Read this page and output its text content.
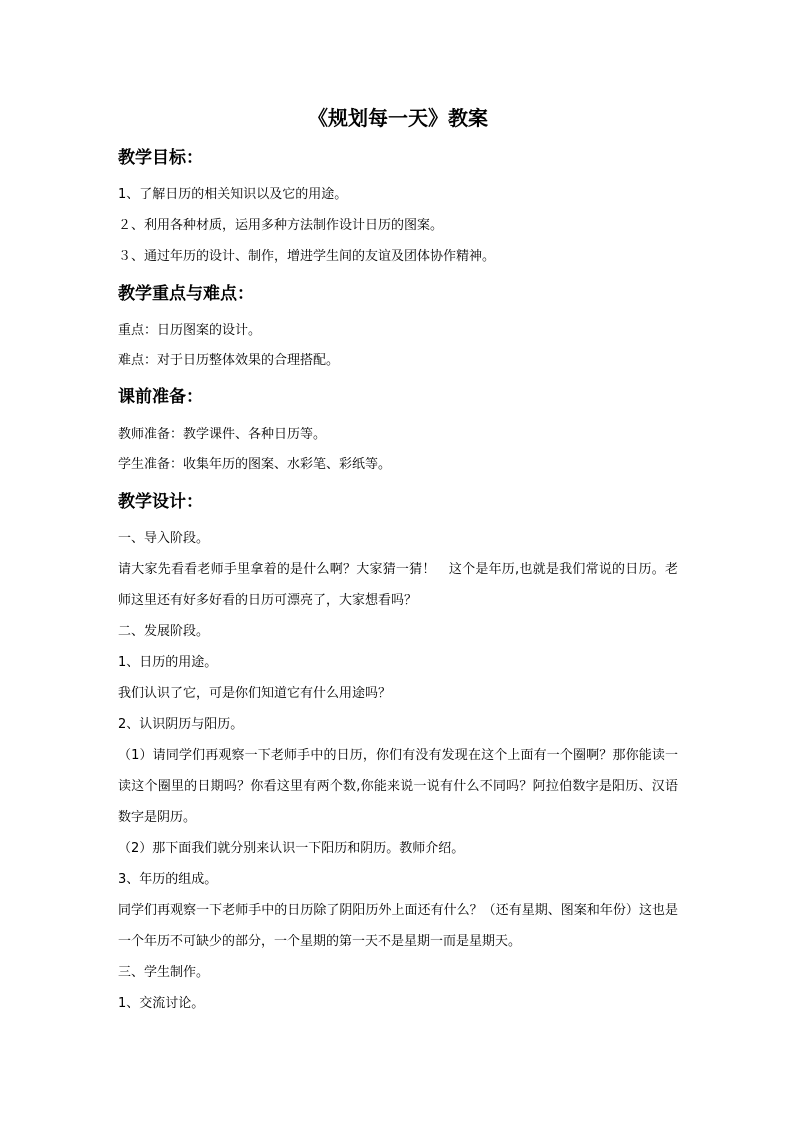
《规划每一天》教案
教学目标：
1、了解日历的相关知识以及它的用途。
２、利用各种材质，运用多种方法制作设计日历的图案。
３、通过年历的设计、制作，增进学生间的友谊及团体协作精神。
教学重点与难点：
重点：日历图案的设计。
难点：对于日历整体效果的合理搭配。
课前准备：
教师准备：教学课件、各种日历等。
学生准备：收集年历的图案、水彩笔、彩纸等。
教学设计：
一、导入阶段。
请大家先看看老师手里拿着的是什么啊？大家猜一猜！　这个是年历,也就是我们常说的日历。老师这里还有好多好看的日历可漂亮了，大家想看吗？
二、发展阶段。
1、日历的用途。
我们认识了它，可是你们知道它有什么用途吗？
2、认识阴历与阳历。
（1）请同学们再观察一下老师手中的日历，你们有没有发现在这个上面有一个圈啊？那你能读一读这个圈里的日期吗？你看这里有两个数,你能来说一说有什么不同吗？阿拉伯数字是阳历、汉语数字是阴历。
（2）那下面我们就分别来认识一下阳历和阴历。教师介绍。
3、年历的组成。
同学们再观察一下老师手中的日历除了阴阳历外上面还有什么？（还有星期、图案和年份）这也是一个年历不可缺少的部分，一个星期的第一天不是星期一而是星期天。
三、学生制作。
1、交流讨论。
